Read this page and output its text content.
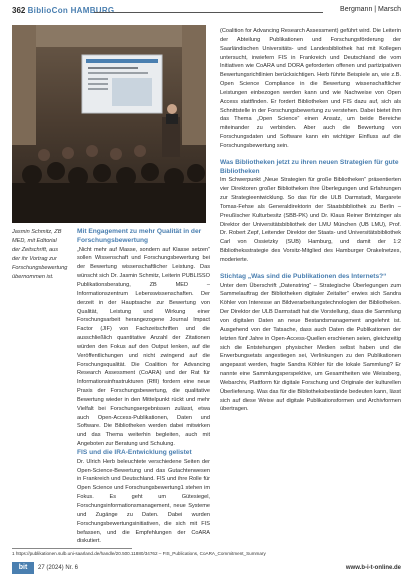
362 BiblioCon HAMBURG	Bergmann | Marsch
Jasmin Schmitz, ZB MED, mit Editorial der Zeitschrift, aus der ihr Vortrag zur Forschungsbewertung übernommen ist.
Mit Engagement zu mehr Qualität in der Forschungsbewertung

„Nicht mehr auf Masse, sondern auf Klasse setzen“ sollen Wissenschaft und Forschungsbewertung bei der Bewertung wissenschaftlicher Leistung. Das wünscht sich Dr. Jasmin Schmitz, Leiterin PUBLISSO Publikationsberatung, ZB MED – Informationszentrum Lebenswissenschaften. Der derzeit in der Hauptsache zur Bewertung von Qualität, Leistung und Wirkung einer Forschungsarbeit herangezogene Journal Impact Factor (JIF) von Fachzeitschriften und die ausschließlich quantitative Anzahl der Zitationen würden den Fokus auf den Output lenken, auf die Veröffentlichungen und nicht zwingend auf die Forschungsqualität. Die Coalition for Advancing Research Assessment (CoARA) und der Rat für Informationsinfrastrukturen (RfII) fordern eine neue Praxis der Forschungsbewertung, die qualitative Bewertung wieder in den Mittelpunkt rückt und mehr Vielfalt bei Forschungsergebnissen zulässt, etwa auch Open-Access-Publikationen, Daten und Software. Die Bibliotheken werden dabei mitwirken und das Thema weiterhin begleiten, auch mit Angeboten zur Beratung und Schulung.

FIS und die IRA-Entwicklung gelistet

Dr. Ulrich Herb beleuchtete verschiedene Seiten der Open-Science-Bewertung und das Gutachtenwesen in Frankreich und Deutschland. FIS und ihre Rolle für Open Science und Forschungsbewertung1 stehen im Fokus. Es geht um Gütesiegel, Forschungsinformationsmanagement, neue Systeme und Zugänge zu Daten. Dabei wurden Forschungsbewertungsinitiativen, die sich mit FIS befassen, und die Empfehlungen der CoARA diskutiert.

(Coalition for Advancing Research Assessment) geführt wird. Die Leiterin der Abteilung Publikationen und Forschungsförderung der Saarländischen Universitäts- und Landesbibliothek hat mit Kollegen untersucht, inwiefern FIS in Frankreich und Deutschland die vom Initiativen wie CoARA und DORA geforderten offenen und partizipativen Bewertungsrichtlinien berücksichtigen. Herb führte Beispiele an, wie z.B. Open Science Compliance in die Bewertung wissenschaftlicher Leistungen einbezogen werden kann und wie Nachweise von Open Access stattfinden. Er fordert Bibliotheken und FIS dazu auf, sich als Schnittstelle in der Forschungsbewertung zu verstehen. Dabei bietet ihm das Thema „Open Science“ einen Ansatz, um beide Bereiche miteinander zu verbinden. Aber auch die Bewertung von Forschungsdaten und Software kann ein wichtiger Einfluss auf die Forschungsbewertung sein.

Was Bibliotheken jetzt zu ihren neuen Strategien für gute Bibliotheken

Im Schwerpunkt „Neue Strategien für große Bibliotheken“ präsentierten vier Direktoren großer Bibliotheken ihre Überlegungen und Erfahrungen zur Strategieentwicklung. So das für die ULB Darmstadt, Margarete Tomas-Fehse als Generaldirektorin der Staatsbibliothek zu Berlin – Preußischer Kulturbesitz (SBB-PK) und Dr. Klaus Reiner Brintzinger als Direktor der Universitätsbibliothek der LMU München (UB LMU), Prof. Dr. Robert Zepf, Leitender Direktor der Staats- und Universitätsbibliothek Carl von Ossietzky (SUB) Hamburg, und damit der 1:2 Bibliotheksstrategie des Vorsitz-Mitglied des Hamburger Orakelnetzes, moderierte.

Stichtag „Was sind die Publikationen des Internets?“

Unter dem Überschrift „Datenstring“ – Strategische Überlegungen zum Sammelauftrag der Bibliotheken digitaler Zeitalter“ erwies sich Sandra Köhler von Interesse an Bildverarbeitungstechnologien der Bibliotheken. Der Direktor der ULB Darmstadt hat die Vorstellung, dass die Sammlung von digitalen Daten an neue Bestandsmanagement angelehnt ist. Ausgehend von der Tatsache, dass auch Daten die Publikationen der letzten fünf Jahre in Open-Access-Quellen erschienen seien, gleichzeitig sich die Entstehungen physischer Medien selbst haben und die Erwerbungsetats angestiegen sei, Verlinkungen zu den Publikationen angepasst werden, fragte Sandra Köhler für die lokale Sammlung? Er nannte eine Sammlungsperspektive, um Gesamtheiten wie Weissberg, Webarchiv, Plattform für digitale Forschung und Originale der kulturellen Überlieferung. Was das für die Bibliotheksbestände bedeuten kann, lässt sich auf diese Weise auf digitale Publikationsformen und Archivformen übertragen.

1 https://publikationen.sulb.uni-saarland.de/handle/20.500.11880/34762 – FIS_Publications, CoARA_Commitment_Summary
bit	27 (2024) Nr. 6	www.b-i-t-online.de
